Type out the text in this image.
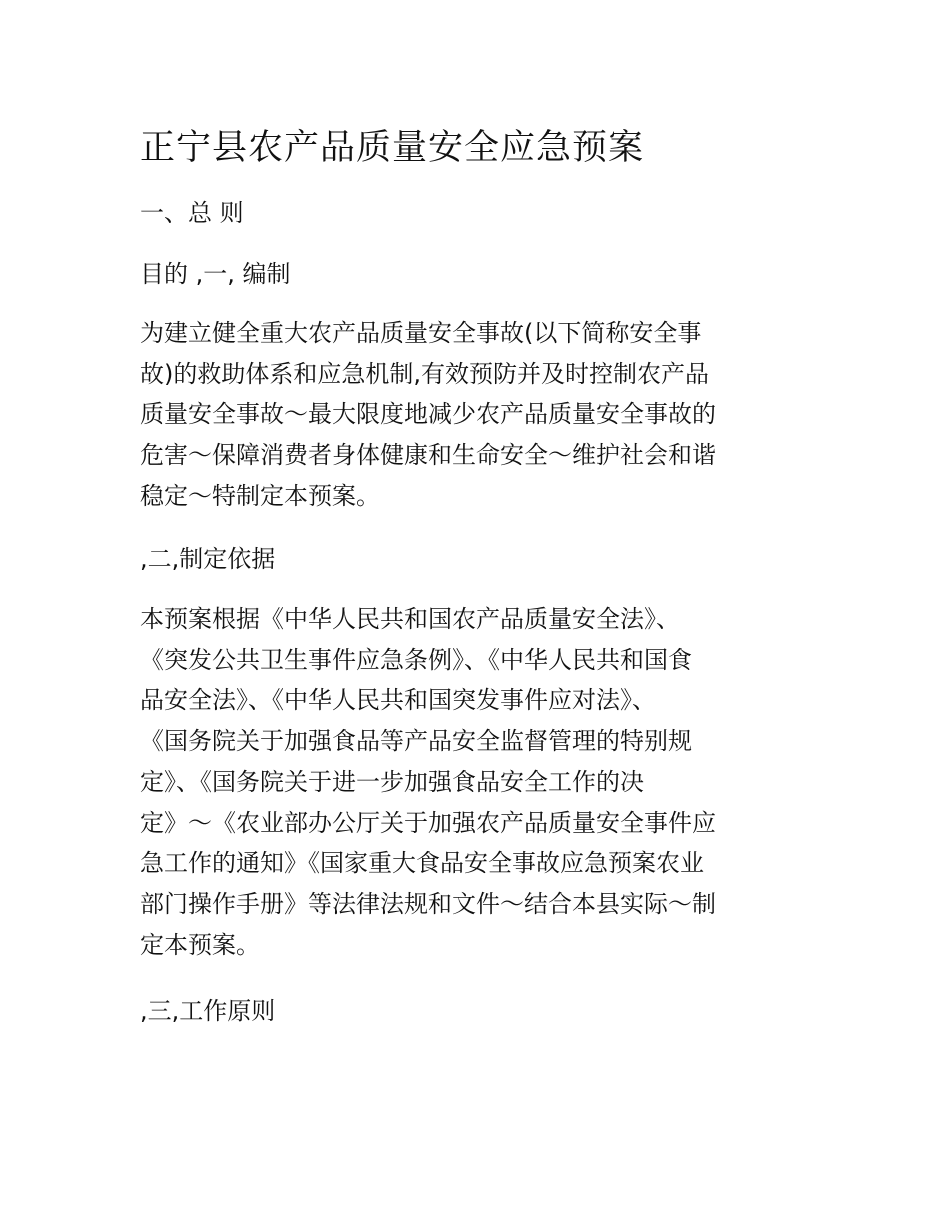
正宁县农产品质量安全应急预案

一、总 则

目的 ,一, 编制

为建立健全重大农产品质量安全事故(以下简称安全事
故)的救助体系和应急机制,有效预防并及时控制农产品
质量安全事故～最大限度地减少农产品质量安全事故的
危害～保障消费者身体健康和生命安全～维护社会和谐
稳定～特制定本预案。

,二,制定依据

本预案根据《中华人民共和国农产品质量安全法》、
《突发公共卫生事件应急条例》、《中华人民共和国食
品安全法》、《中华人民共和国突发事件应对法》、
《国务院关于加强食品等产品安全监督管理的特别规
定》、《国务院关于进一步加强食品安全工作的决
定》～《农业部办公厅关于加强农产品质量安全事件应
急工作的通知》《国家重大食品安全事故应急预案农业
部门操作手册》等法律法规和文件～结合本县实际～制
定本预案。

,三,工作原则
